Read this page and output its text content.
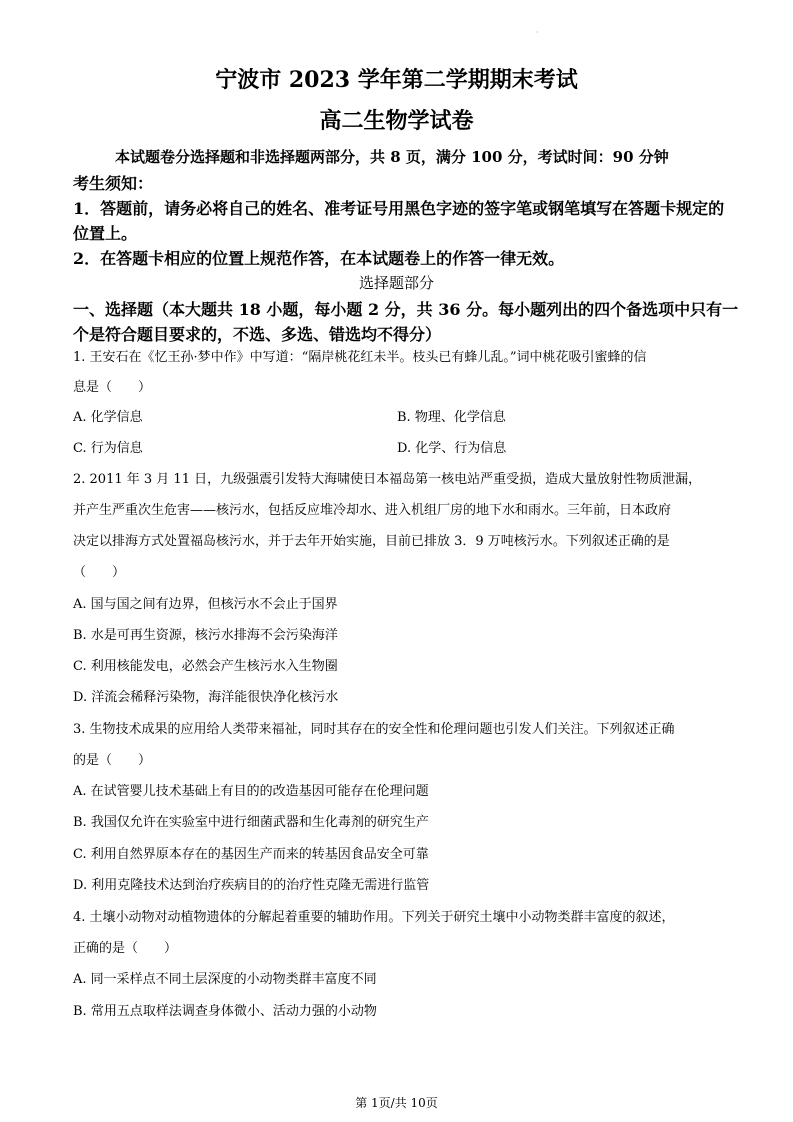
·
宁波市 2023 学年第二学期期末考试
高二生物学试卷
本试题卷分选择题和非选择题两部分，共 8 页，满分 100 分，考试时间：90 分钟
考生须知：
1．答题前，请务必将自己的姓名、准考证号用黑色字迹的签字笔或钢笔填写在答题卡规定的
位置上。
2．在答题卡相应的位置上规范作答，在本试题卷上的作答一律无效。
选择题部分
一、选择题（本大题共 18 小题，每小题 2 分，共 36 分。每小题列出的四个备选项中只有一
个是符合题目要求的，不选、多选、错选均不得分）
1. 王安石在《忆王孙·梦中作》中写道：“隔岸桃花红未半。枝头已有蜂儿乱。”词中桃花吸引蜜蜂的信
息是（　　）
A. 化学信息	B. 物理、化学信息
C. 行为信息	D. 化学、行为信息
2. 2011 年 3 月 11 日，九级强震引发特大海啸使日本福岛第一核电站严重受损，造成大量放射性物质泄漏，
并产生严重次生危害——核污水，包括反应堆冷却水、进入机组厂房的地下水和雨水。三年前，日本政府
决定以排海方式处置福岛核污水，并于去年开始实施，目前已排放 3．9 万吨核污水。下列叙述正确的是
（　　）
A. 国与国之间有边界，但核污水不会止于国界
B. 水是可再生资源，核污水排海不会污染海洋
C. 利用核能发电，必然会产生核污水入生物圈
D. 洋流会稀释污染物，海洋能很快净化核污水
3. 生物技术成果的应用给人类带来福祉，同时其存在的安全性和伦理问题也引发人们关注。下列叙述正确
的是（　　）
A. 在试管婴儿技术基础上有目的的改造基因可能存在伦理问题
B. 我国仅允许在实验室中进行细菌武器和生化毒剂的研究生产
C. 利用自然界原本存在的基因生产而来的转基因食品安全可靠
D. 利用克隆技术达到治疗疾病目的的治疗性克隆无需进行监管
4. 土壤小动物对动植物遗体的分解起着重要的辅助作用。下列关于研究土壤中小动物类群丰富度的叙述，
正确的是（　　）
A. 同一采样点不同土层深度的小动物类群丰富度不同
B. 常用五点取样法调查身体微小、活动力强的小动物
第 1页/共 10页
